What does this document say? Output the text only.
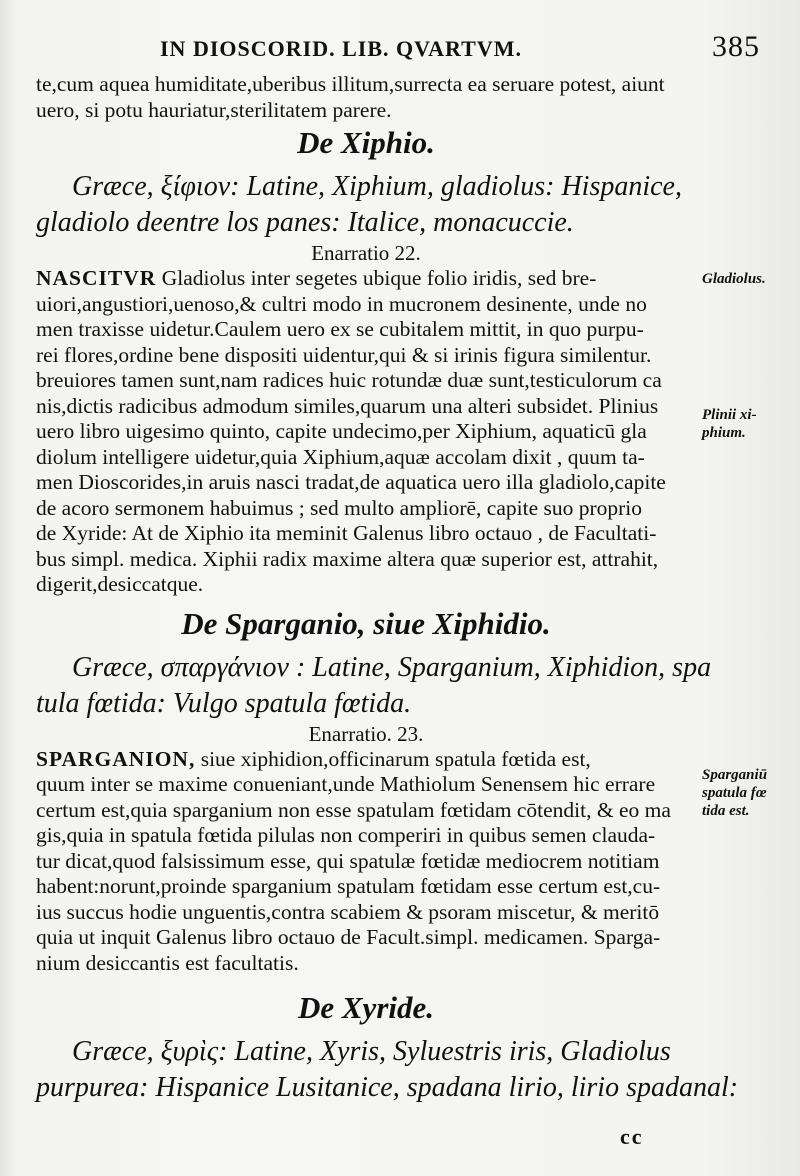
IN DIOSCORID. LIB. QVARTVM.	385
te,cum aquea humiditate,uberibus illitum,surrecta ea seruare potest, aiunt
uero, si potu hauriatur,sterilitatem parere.
De Xiphio.
Græce, ξίφιον: Latine, Xiphium, gladiolus: Hispanice,
gladiolo deentre los panes: Italice, monacuccie.
Enarratio 22.
NASCITVR Gladiolus inter segetes ubique folio iridis, sed bre-
uiori,angustiori,uenoso,& cultri modo in mucronem desinente, unde no
men traxisse uidetur.Caulem uero ex se cubitalem mittit, in quo purpu-
rei flores,ordine bene dispositi uidentur,qui & si irinis figura similentur.
breuiores tamen sunt,nam radices huic rotundæ duæ sunt,testiculorum ca
nis,dictis radicibus admodum similes,quarum una alteri subsidet. Plinius
uero libro uigesimo quinto, capite undecimo,per Xiphium, aquaticū gla
diolum intelligere uidetur,quia Xiphium,aquæ accolam dixit , quum ta-
men Dioscorides,in aruis nasci tradat,de aquatica uero illa gladiolo,capite
de acoro sermonem habuimus ; sed multo ampliorē, capite suo proprio
de Xyride: At de Xiphio ita meminit Galenus libro octauo , de Facultati-
bus simpl. medica. Xiphii radix maxime altera quæ superior est, attrahit,
digerit,desiccatque.
De Sparganio, siue Xiphidio.
Græce, σπαργάνιον : Latine, Sparganium, Xiphidion, spa
tula fœtida: Vulgo spatula fœtida.
Enarratio. 23.
SPARGANION, siue xiphidion,officinarum spatula fœtida est,
quum inter se maxime conueniant,unde Mathiolum Senensem hic errare
certum est,quia sparganium non esse spatulam fœtidam cōtendit, & eo ma
gis,quia in spatula fœtida pilulas non comperiri in quibus semen clauda-
tur dicat,quod falsissimum esse, qui spatulæ fœtidæ mediocrem notitiam
habent:norunt,proinde sparganium spatulam fœtidam esse certum est,cu-
ius succus hodie unguentis,contra scabiem & psoram miscetur, & meritō
quia ut inquit Galenus libro octauo de Facult.simpl. medicamen. Sparga-
nium desiccantis est facultatis.
De Xyride.
Græce, ξυρὶς: Latine, Xyris, Syluestris iris, Gladiolus
purpurea: Hispanice Lusitanice, spadana lirio, lirio spadanal:
Gladiolus.
Plinii xi-
phium.
Sparganiū
spatula fœ
tida est.
cc
